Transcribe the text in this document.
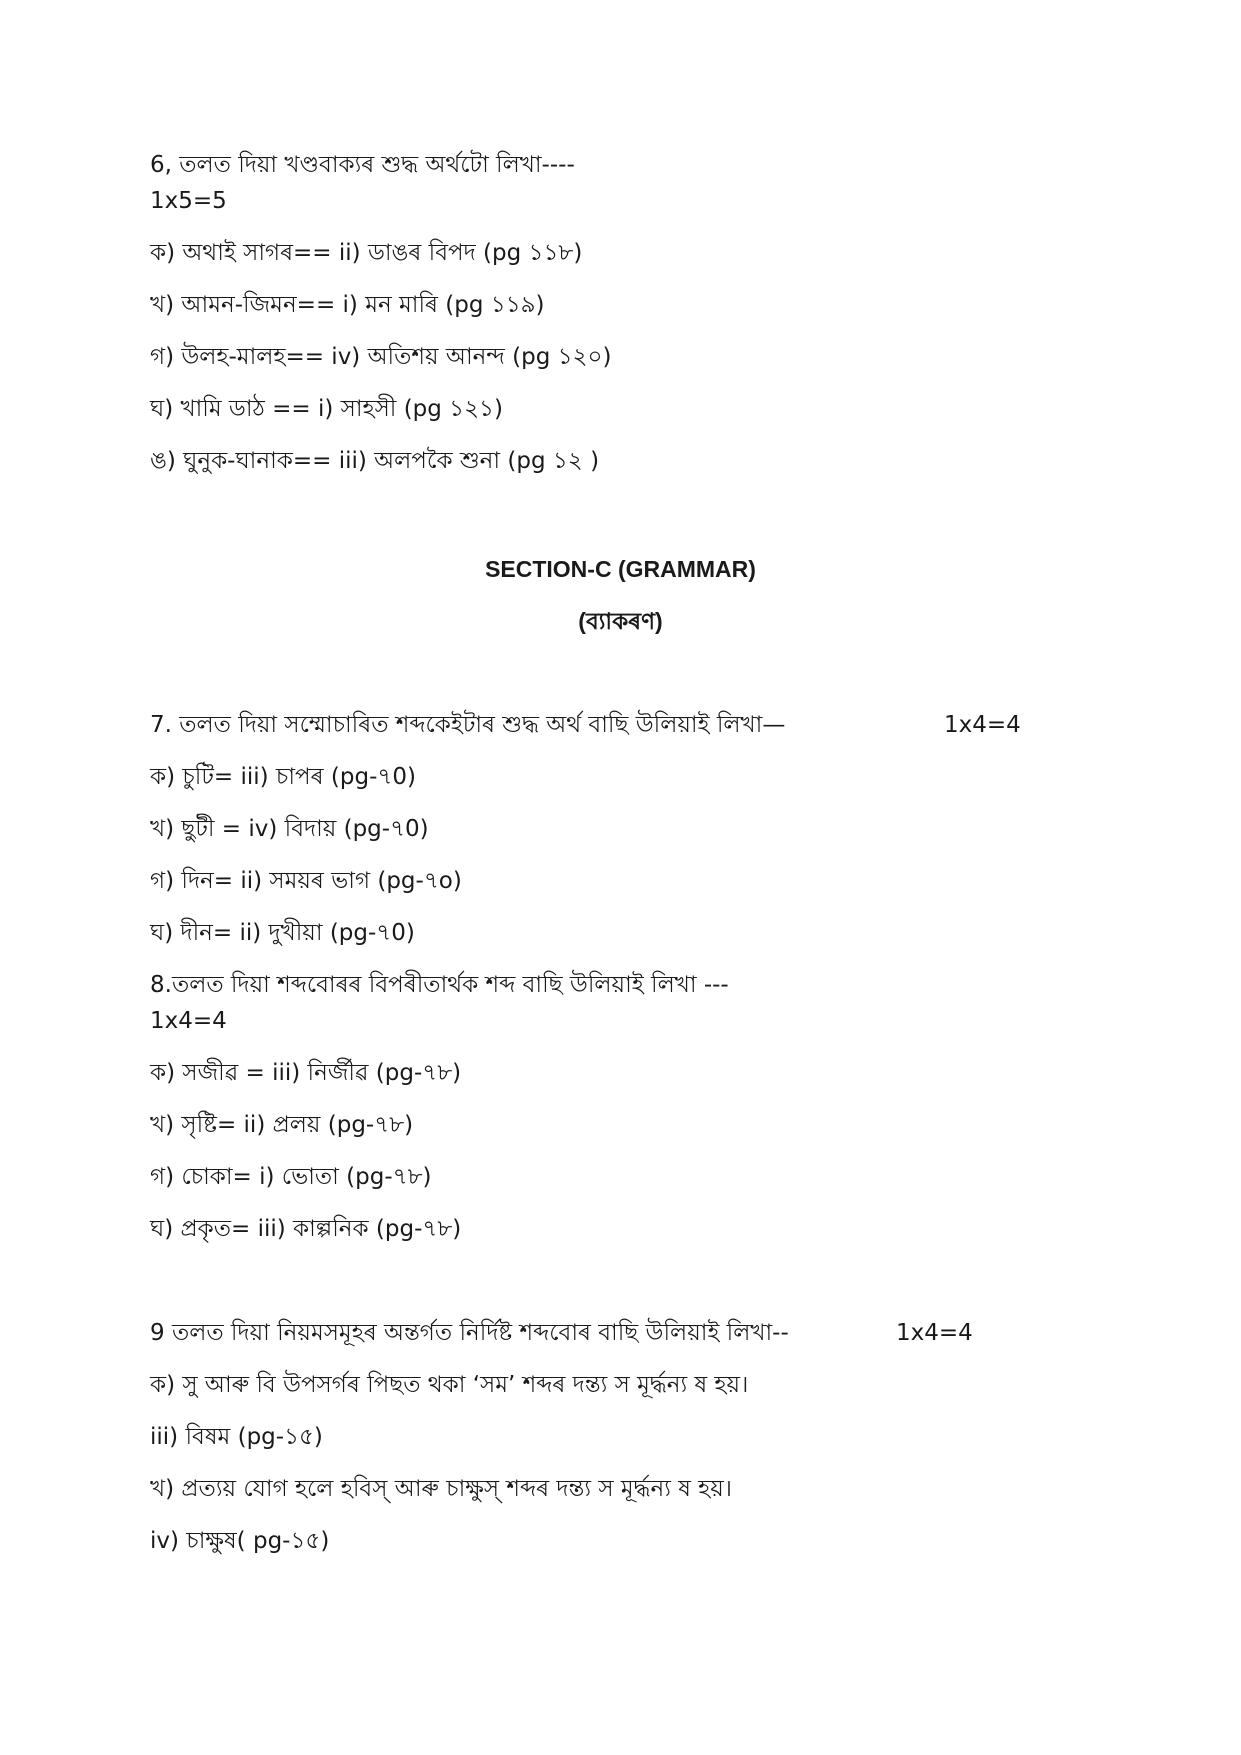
6, তলত দিয়া খণ্ডবাক্যৰ শুদ্ধ অৰ্থটো লিখা----
1x5=5
ক) অথাই সাগৰ== ii) ডাঙৰ বিপদ (pg ১১৮)
খ) আমন-জিমন== i) মন মাৰি (pg ১১৯)
গ) উলহ-মালহ== iv) অতিশয় আনন্দ (pg ১২০)
ঘ) খামি ডাঠ == i) সাহসী (pg ১২১)
ঙ) ঘুনুক-ঘানাক== iii) অলপকৈ শুনা (pg ১২ )
SECTION-C (GRAMMAR)
(ব্যাকৰণ)
7. তলত দিয়া সম্মোচাৰিত শব্দকেইটাৰ শুদ্ধ অৰ্থ বাছি উলিয়াই লিখা—	1x4=4
ক) চুটি= iii) চাপৰ (pg-৭0)
খ) ছুটী = iv) বিদায় (pg-৭0)
গ) দিন= ii) সময়ৰ ভাগ (pg-৭o)
ঘ) দীন= ii) দুখীয়া (pg-৭0)
8.তলত দিয়া শব্দবোৰৰ বিপৰীতাৰ্থক শব্দ বাছি উলিয়াই লিখা ---
1x4=4
ক) সজীৱ = iii) নিৰ্জীৱ (pg-৭৮)
খ) সৃষ্টি= ii) প্ৰলয় (pg-৭৮)
গ) চোকা= i) ভোতা (pg-৭৮)
ঘ) প্ৰকৃত= iii) কাল্পনিক (pg-৭৮)
9 তলত দিয়া নিয়মসমূহৰ অন্তৰ্গত নিৰ্দিষ্ট শব্দবোৰ বাছি উলিয়াই লিখা--	1x4=4
ক) সু আৰু বি উপসৰ্গৰ পিছত থকা ‘সম’ শব্দৰ দন্ত্য স মূৰ্দ্ধন্য ষ হয়।
iii) বিষম (pg-১৫)
খ) প্ৰত্যয় যোগ হলে হবিস্ আৰু চাক্ষুস্ শব্দৰ দন্ত্য স মূৰ্দ্ধন্য ষ হয়।
iv) চাক্ষুষ( pg-১৫)
